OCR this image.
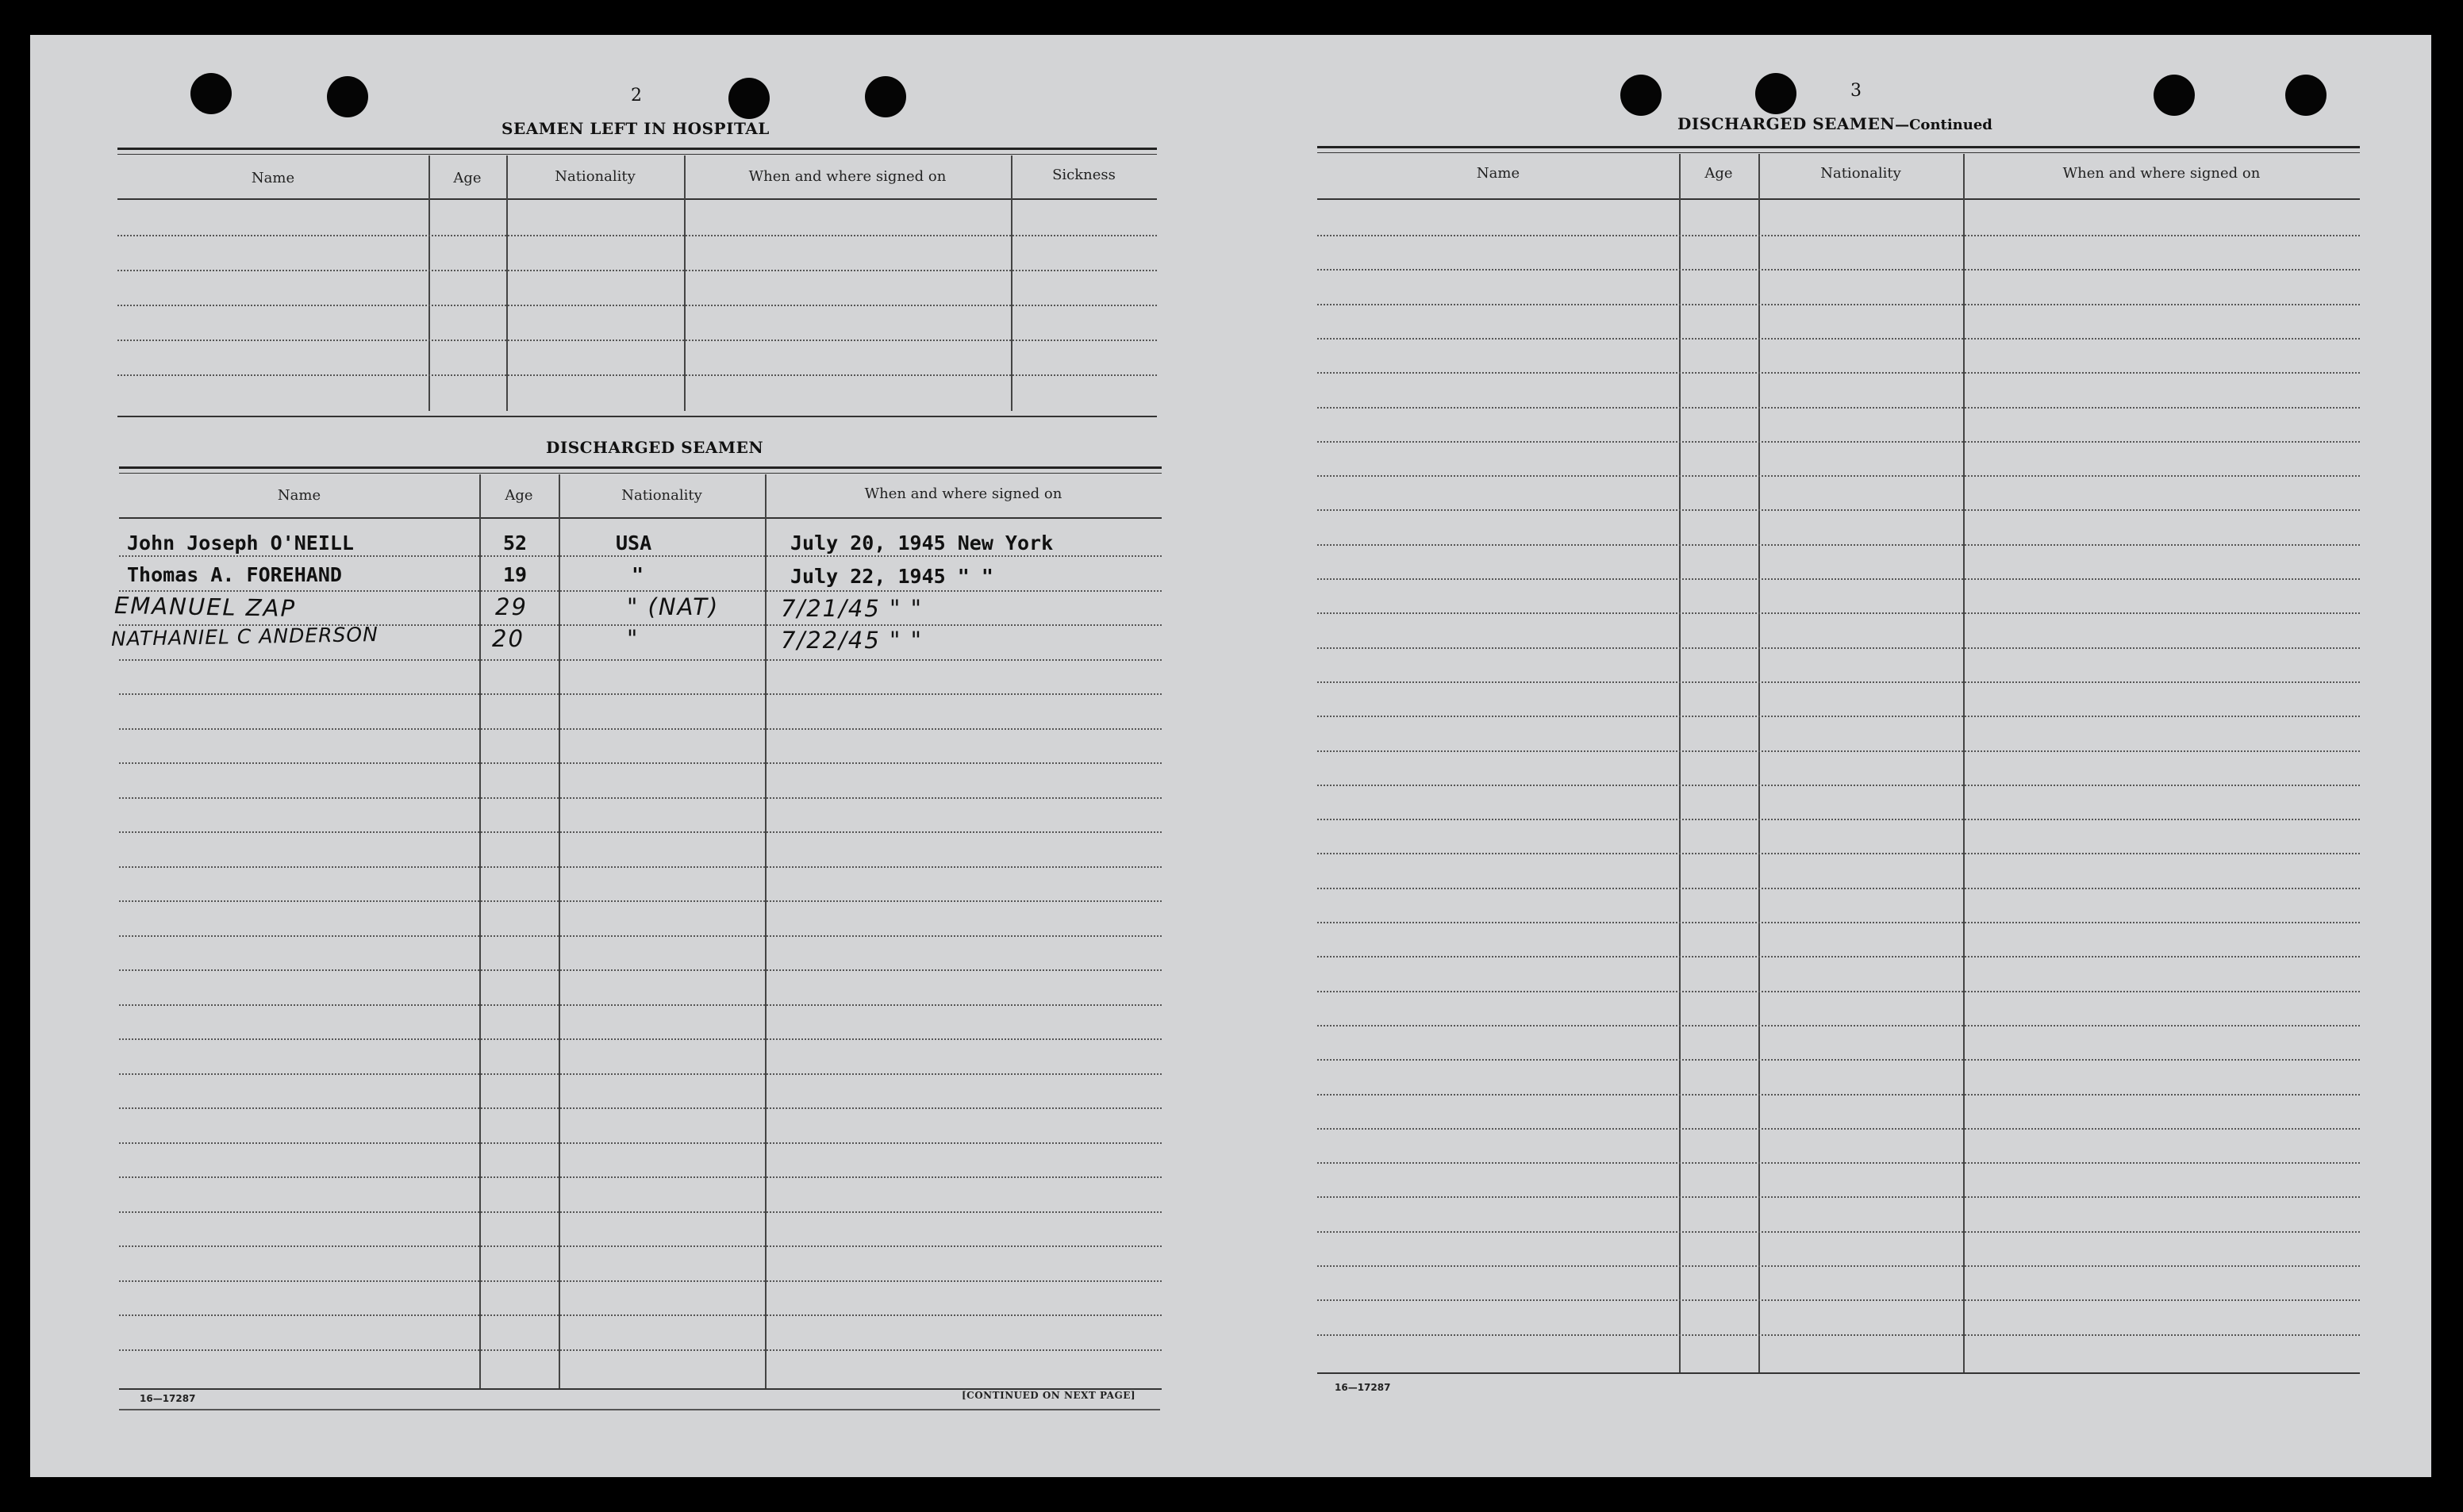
2
SEAMEN LEFT IN HOSPITAL
Name	Age	Nationality	When and where signed on	Sickness
DISCHARGED SEAMEN
Name	Age	Nationality	When and where signed on
John Joseph O'NEILL	52	USA	July 20, 1945 New York
Thomas A. FOREHAND	19	"	July 22, 1945 " "
EMANUEL ZAP	29	" (NAT)	7/21/45 " "
NATHANIEL C ANDERSON	20	"	7/22/45 " "
16—17287	[CONTINUED ON NEXT PAGE]
3
DISCHARGED SEAMEN—Continued
Name	Age	Nationality	When and where signed on
16—17287
